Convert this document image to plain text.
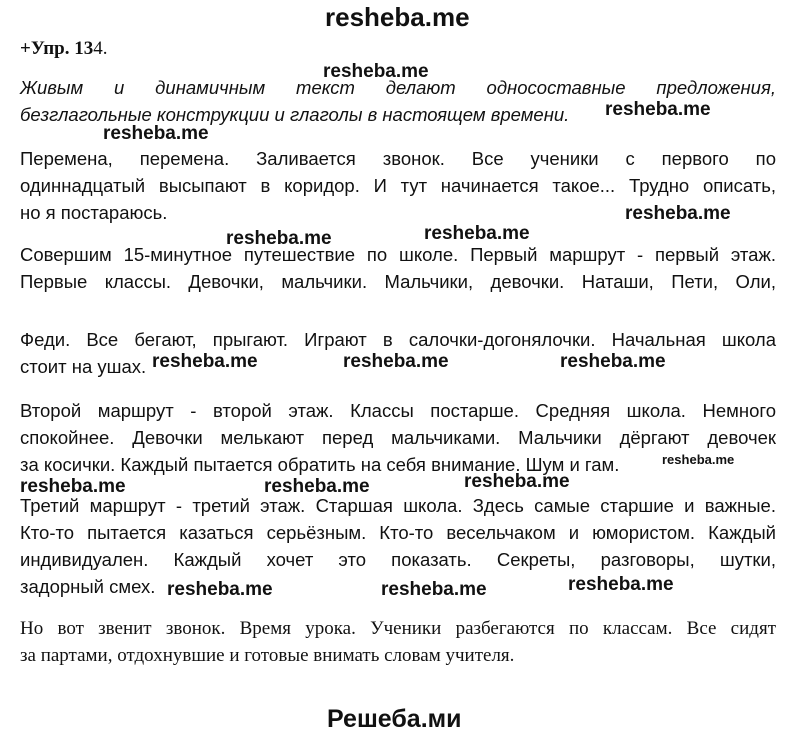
resheba.me
+Упр. 134.

Живым и динамичным текст делают односоставные предложения,
безглагольные конструкции и глаголы в настоящем времени.

Перемена, перемена. Заливается звонок. Все ученики с первого по
одиннадцатый высыпают в коридор. И тут начинается такое... Трудно описать,
но я постараюсь.

Совершим 15-минутное путешествие по школе. Первый маршрут - первый этаж.
Первые классы. Девочки, мальчики. Мальчики, девочки. Наташи, Пети, Оли,

Феди. Все бегают, прыгают. Играют в салочки-догонялочки. Начальная школа
стоит на ушах.

Второй маршрут - второй этаж. Классы постарше. Средняя школа. Немного
спокойнее. Девочки мелькают перед мальчиками. Мальчики дёргают девочек
за косички. Каждый пытается обратить на себя внимание. Шум и гам.

Третий маршрут - третий этаж. Старшая школа. Здесь самые старшие и важные.
Кто-то пытается казаться серьёзным. Кто-то весельчаком и юмористом. Каждый
индивидуален. Каждый хочет это показать. Секреты, разговоры, шутки,
задорный смех.

Но вот звенит звонок. Время урока. Ученики разбегаются по классам. Все сидят
за партами, отдохнувшие и готовые внимать словам учителя.

resheba.me
resheba.me
resheba.me
resheba.me
resheba.me
resheba.me
resheba.me	resheba.me	resheba.me
resheba.me
resheba.me	resheba.me	resheba.me
resheba.me	resheba.me	resheba.me
Решеба.ми
